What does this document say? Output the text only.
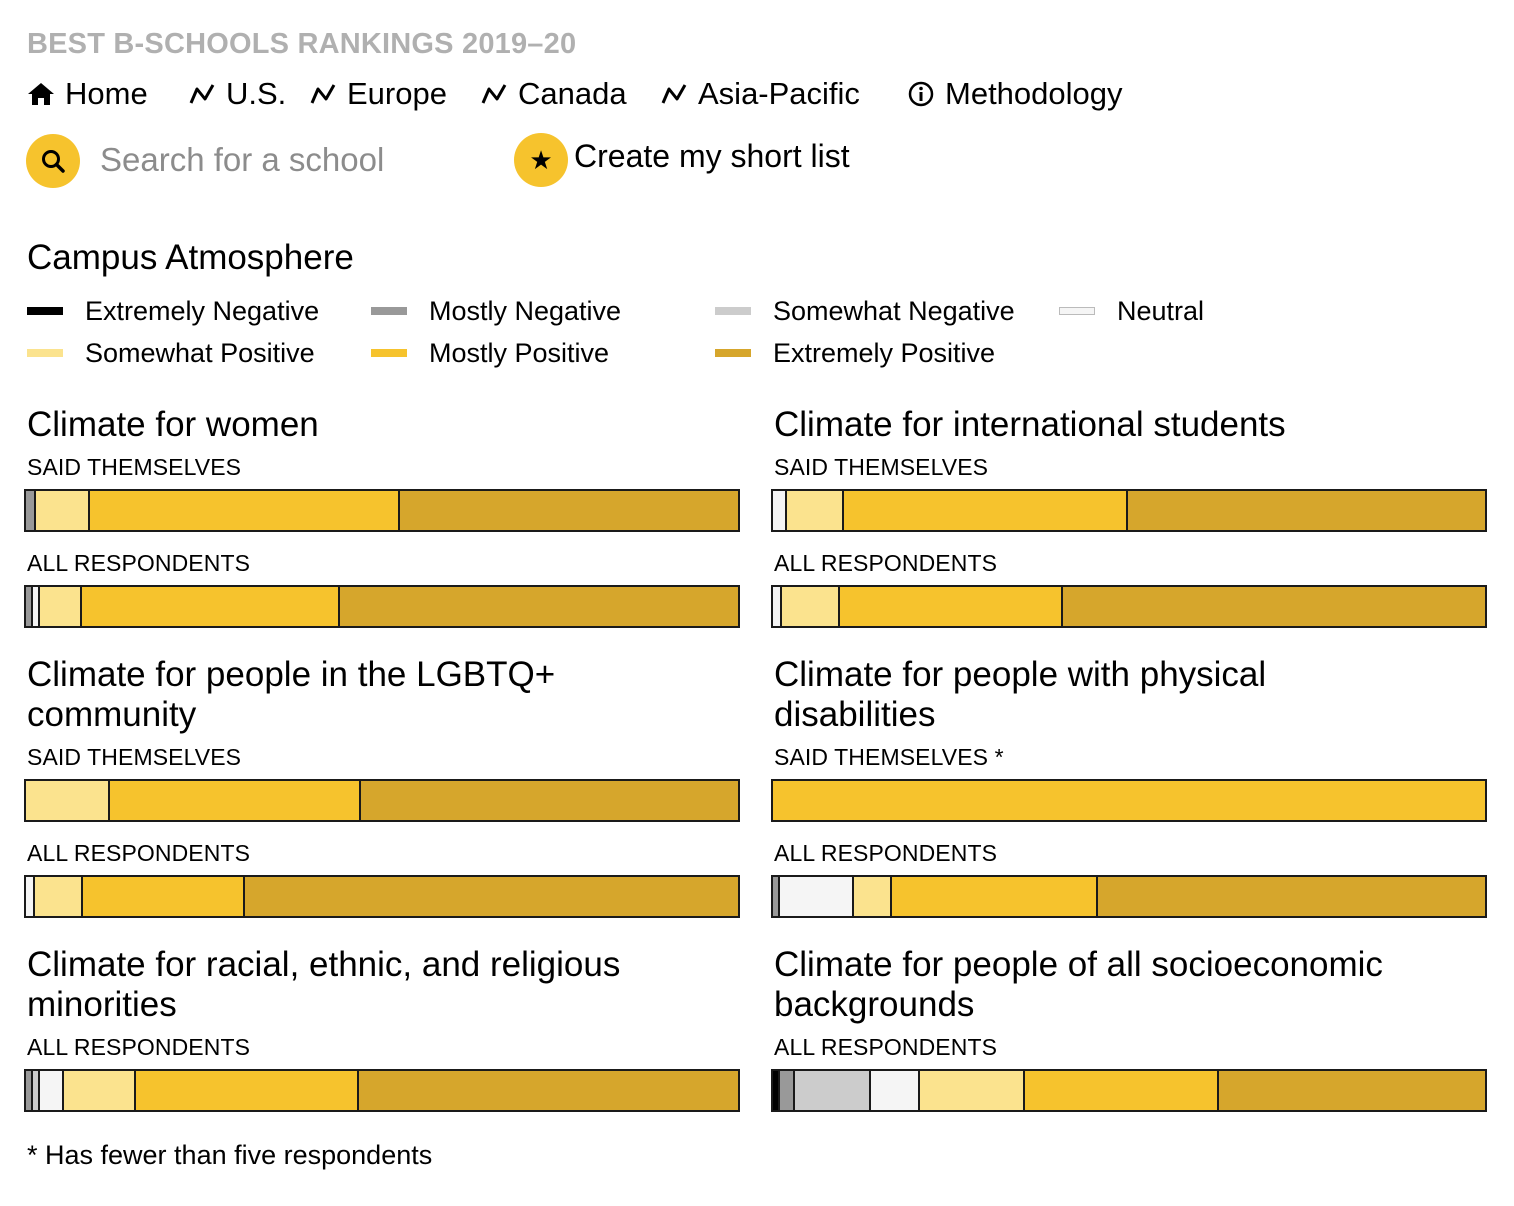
BEST B-SCHOOLS RANKINGS 2019–20
Home	U.S. Europe Canada Asia-Pacific	Methodology
Search for a school
★ Create my short list
Campus Atmosphere
Extremely Negative	Mostly Negative	Somewhat Negative	Neutral
Somewhat Positive	Mostly Positive	Extremely Positive
Climate for women
SAID THEMSELVES
ALL RESPONDENTS
Climate for international students
SAID THEMSELVES
ALL RESPONDENTS
Climate for people in the LGBTQ+ community
SAID THEMSELVES
ALL RESPONDENTS
Climate for people with physical disabilities
SAID THEMSELVES *
ALL RESPONDENTS
Climate for racial, ethnic, and religious minorities
ALL RESPONDENTS
Climate for people of all socioeconomic backgrounds
ALL RESPONDENTS
* Has fewer than five respondents
